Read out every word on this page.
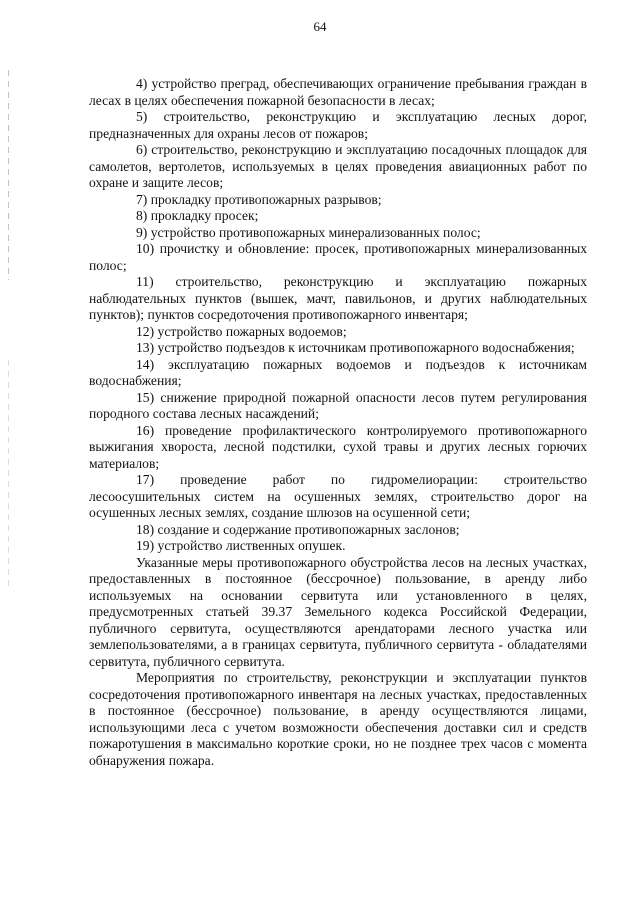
64

4) устройство преград, обеспечивающих ограничение пребывания граждан в лесах в целях обеспечения пожарной безопасности в лесах;

5) строительство, реконструкцию и эксплуатацию лесных дорог, предназначенных для охраны лесов от пожаров;

6) строительство, реконструкцию и эксплуатацию посадочных площадок для самолетов, вертолетов, используемых в целях проведения авиационных работ по охране и защите лесов;

7) прокладку противопожарных разрывов;

8) прокладку просек;

9) устройство противопожарных минерализованных полос;

10) прочистку и обновление: просек, противопожарных минерализованных полос;

11) строительство, реконструкцию и эксплуатацию пожарных наблюдательных пунктов (вышек, мачт, павильонов, и других наблюдательных пунктов); пунктов сосредоточения противопожарного инвентаря;

12) устройство пожарных водоемов;

13) устройство подъездов к источникам противопожарного водоснабжения;

14) эксплуатацию пожарных водоемов и подъездов к источникам водоснабжения;

15) снижение природной пожарной опасности лесов путем регулирования породного состава лесных насаждений;

16) проведение профилактического контролируемого противопожарного выжигания хвороста, лесной подстилки, сухой травы и других лесных горючих материалов;

17) проведение работ по гидромелиорации: строительство лесоосушительных систем на осушенных землях, строительство дорог на осушенных лесных землях, создание шлюзов на осушенной сети;

18) создание и содержание противопожарных заслонов;

19) устройство лиственных опушек.

Указанные меры противопожарного обустройства лесов на лесных участках, предоставленных в постоянное (бессрочное) пользование, в аренду либо используемых на основании сервитута или установленного в целях, предусмотренных статьей 39.37 Земельного кодекса Российской Федерации, публичного сервитута, осуществляются арендаторами лесного участка или землепользователями, а в границах сервитута, публичного сервитута - обладателями сервитута, публичного сервитута.

Мероприятия по строительству, реконструкции и эксплуатации пунктов сосредоточения противопожарного инвентаря на лесных участках, предоставленных в постоянное (бессрочное) пользование, в аренду осуществляются лицами, использующими леса с учетом возможности обеспечения доставки сил и средств пожаротушения в максимально короткие сроки, но не позднее трех часов с момента обнаружения пожара.
